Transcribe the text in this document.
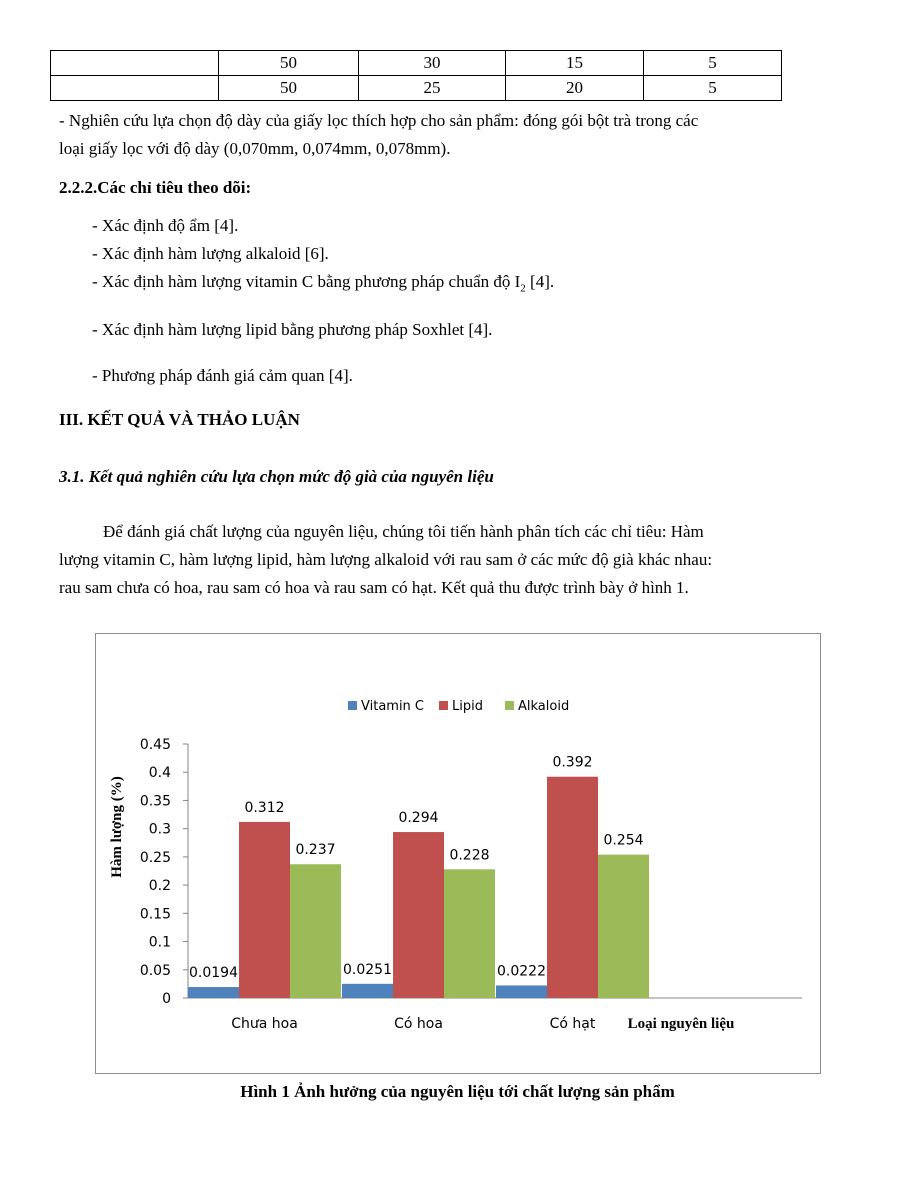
	50	30	15	5
	50	25	20	5
- Nghiên cứu lựa chọn độ dày của giấy lọc thích hợp cho sản phẩm: đóng gói bột trà trong các
loại giấy lọc với độ dày (0,070mm, 0,074mm, 0,078mm).
2.2.2.Các chỉ tiêu theo dõi:
- Xác định độ ẩm [4].
- Xác định hàm lượng alkaloid [6].
- Xác định hàm lượng vitamin C bằng phương pháp chuẩn độ $I_2$ [4].
- Xác định hàm lượng lipid bằng phương pháp Soxhlet [4].
- Phương pháp đánh giá cảm quan [4].
III. KẾT QUẢ VÀ THẢO LUẬN
3.1. Kết quả nghiên cứu lựa chọn mức độ già của nguyên liệu
Để đánh giá chất lượng của nguyên liệu, chúng tôi tiến hành phân tích các chỉ tiêu: Hàm
lượng vitamin C, hàm lượng lipid, hàm lượng alkaloid với rau sam ở các mức độ già khác nhau:
rau sam chưa có hoa, rau sam có hoa và rau sam có hạt. Kết quả thu được trình bày ở hình 1.
0
0.05
0.1
0.15
0.2
0.25
0.3
0.35
0.4
0.45
Hàm lượng (%)
0.0194
0.312
0.237
Chưa hoa
0.0251
0.294
0.228
Có hoa
0.0222
0.392
0.254
Có hạt Loại nguyên liệu
Vitamin C Lipid	Alkaloid
Hình 1 Ảnh hưởng của nguyên liệu tới chất lượng sản phẩm
